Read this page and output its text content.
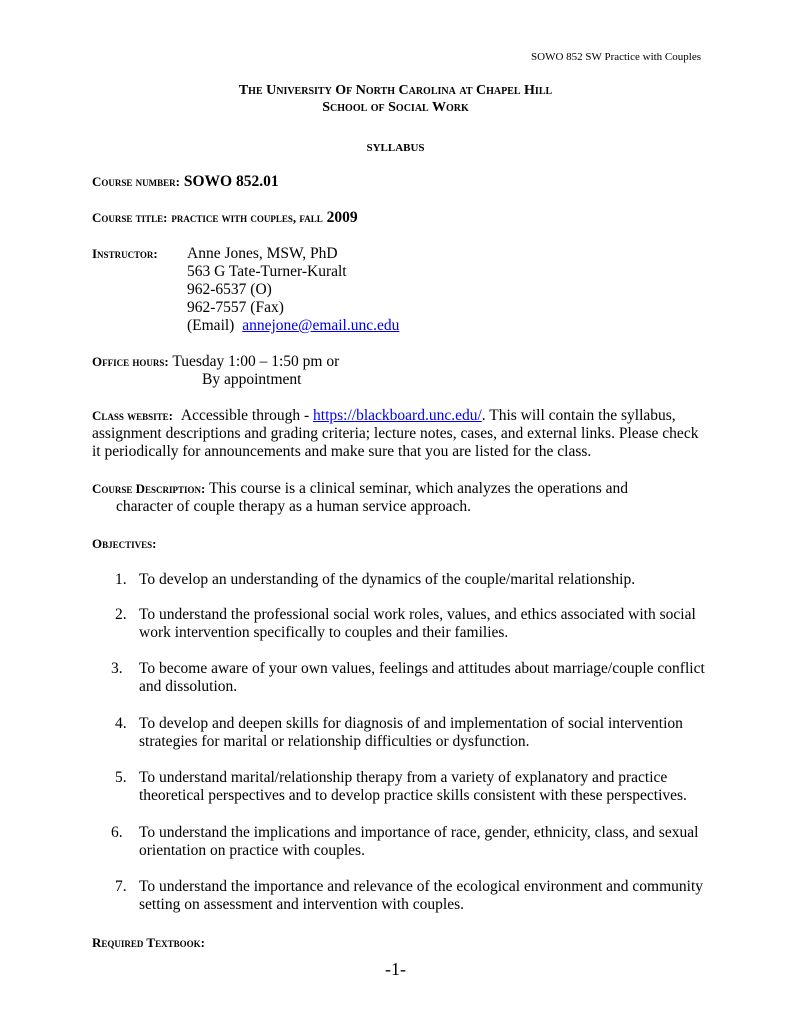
SOWO 852 SW Practice with Couples
The University Of North Carolina at Chapel Hill
School of Social Work
SYLLABUS
Course number: SOWO 852.01
Course title: practice with couples, fall 2009
Instructor: Anne Jones, MSW, PhD
563 G Tate-Turner-Kuralt
962-6537 (O)
962-7557 (Fax)
(Email) annejone@email.unc.edu
Office hours: Tuesday 1:00 – 1:50 pm or
By appointment
Class website: Accessible through - https://blackboard.unc.edu/. This will contain the syllabus,
assignment descriptions and grading criteria; lecture notes, cases, and external links. Please check
it periodically for announcements and make sure that you are listed for the class.
Course Description: This course is a clinical seminar, which analyzes the operations and
character of couple therapy as a human service approach.
Objectives:
1. To develop an understanding of the dynamics of the couple/marital relationship.
2. To understand the professional social work roles, values, and ethics associated with social
work intervention specifically to couples and their families.
3. To become aware of your own values, feelings and attitudes about marriage/couple conflict
and dissolution.
4. To develop and deepen skills for diagnosis of and implementation of social intervention
strategies for marital or relationship difficulties or dysfunction.
5. To understand marital/relationship therapy from a variety of explanatory and practice
theoretical perspectives and to develop practice skills consistent with these perspectives.
6. To understand the implications and importance of race, gender, ethnicity, class, and sexual
orientation on practice with couples.
7. To understand the importance and relevance of the ecological environment and community
setting on assessment and intervention with couples.
Required Textbook:
-1-
